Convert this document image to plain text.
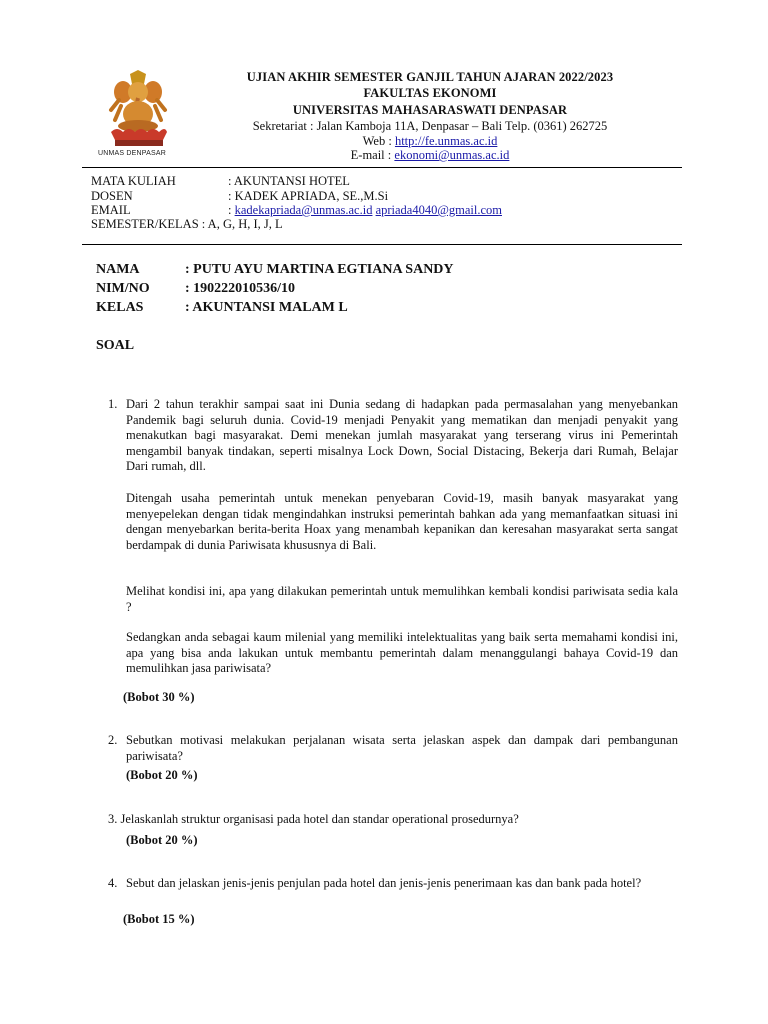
UNMAS DENPASAR
UJIAN AKHIR SEMESTER GANJIL TAHUN AJARAN 2022/2023
FAKULTAS EKONOMI
UNIVERSITAS MAHASARASWATI DENPASAR
Sekretariat : Jalan Kamboja 11A, Denpasar – Bali Telp. (0361) 262725
Web : http://fe.unmas.ac.id
E-mail : ekonomi@unmas.ac.id
MATA KULIAH	: AKUNTANSI HOTEL
DOSEN	: KADEK APRIADA, SE.,M.Si
EMAIL	: kadekapriada@unmas.ac.id apriada4040@gmail.com
SEMESTER/KELAS : A, G, H, I, J, L
NAMA	: PUTU AYU MARTINA EGTIANA SANDY
NIM/NO	: 190222010536/10
KELAS	: AKUNTANSI MALAM L
SOAL
1. Dari 2 tahun terakhir sampai saat ini Dunia sedang di hadapkan pada permasalahan yang menyebankan Pandemik bagi seluruh dunia. Covid-19 menjadi Penyakit yang mematikan dan menjadi penyakit yang menakutkan bagi masyarakat. Demi menekan jumlah masyarakat yang terserang virus ini Pemerintah mengambil banyak tindakan, seperti misalnya Lock Down, Social Distacing, Bekerja dari Rumah, Belajar Dari rumah, dll.
Ditengah usaha pemerintah untuk menekan penyebaran Covid-19, masih banyak masyarakat yang menyepelekan dengan tidak mengindahkan instruksi pemerintah bahkan ada yang memanfaatkan situasi ini dengan menyebarkan berita-berita Hoax yang menambah kepanikan dan keresahan masyarakat serta sangat berdampak di dunia Pariwisata khususnya di Bali.
Melihat kondisi ini, apa yang dilakukan pemerintah untuk memulihkan kembali kondisi pariwisata sedia kala ?
Sedangkan anda sebagai kaum milenial yang memiliki intelektualitas yang baik serta memahami kondisi ini, apa yang bisa anda lakukan untuk membantu pemerintah dalam menanggulangi bahaya Covid-19 dan memulihkan jasa pariwisata?
(Bobot 30 %)
2. Sebutkan motivasi melakukan perjalanan wisata serta jelaskan aspek dan dampak dari pembangunan pariwisata?
(Bobot 20 %)
3. Jelaskanlah struktur organisasi pada hotel dan standar operational prosedurnya?
(Bobot 20 %)
4. Sebut dan jelaskan jenis-jenis penjulan pada hotel dan jenis-jenis penerimaan kas dan bank pada hotel?
(Bobot 15 %)
